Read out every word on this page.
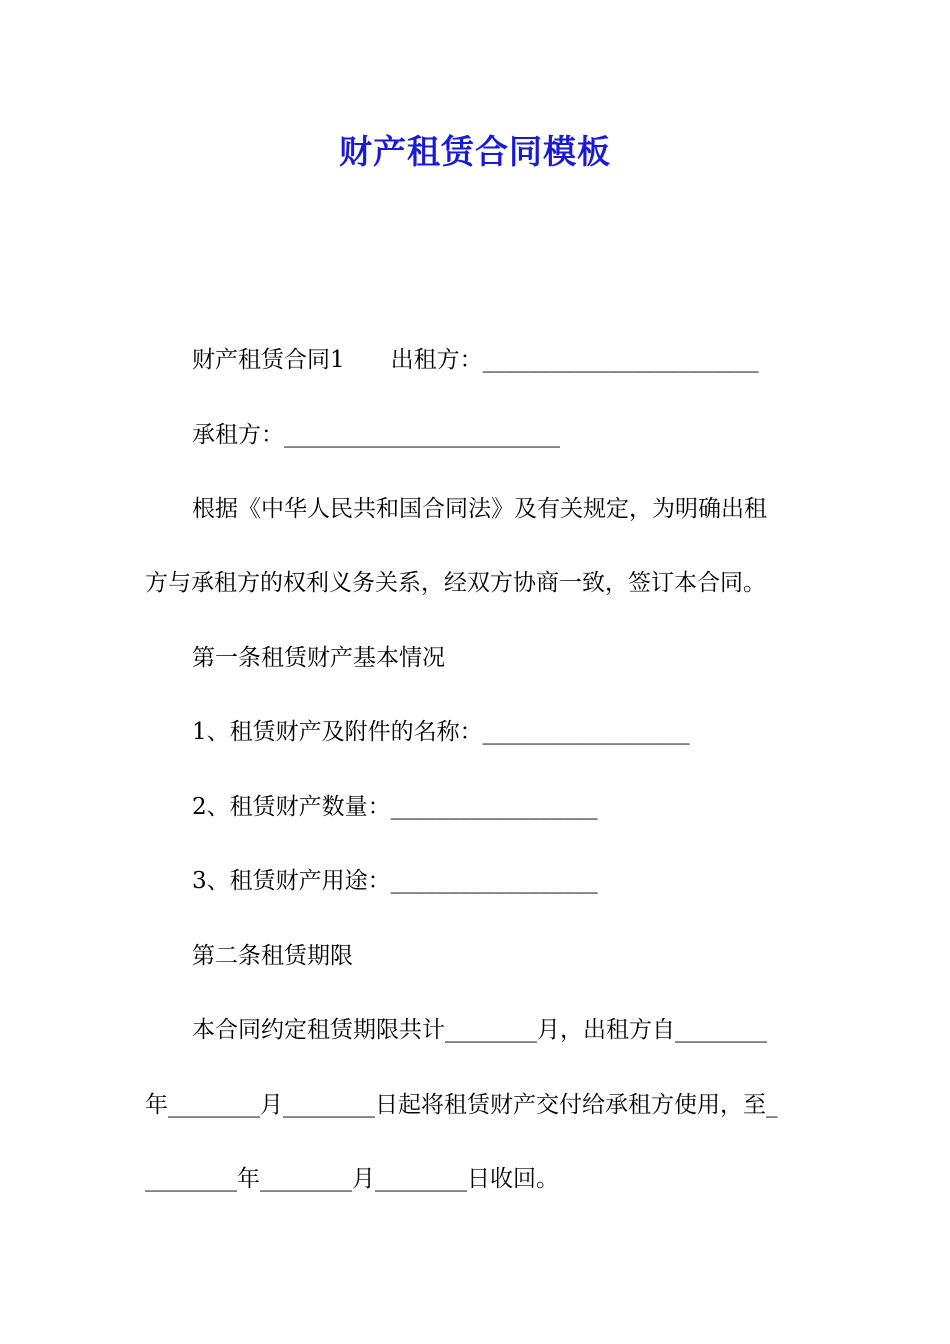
财产租赁合同模板
财产租赁合同1　　出租方：________________________
承租方：________________________
根据《中华人民共和国合同法》及有关规定，为明确出租
方与承租方的权利义务关系，经双方协商一致，签订本合同。
第一条租赁财产基本情况
1、租赁财产及附件的名称：__________________
2、租赁财产数量：__________________
3、租赁财产用途：__________________
第二条租赁期限
本合同约定租赁期限共计________月，出租方自________
年________月________日起将租赁财产交付给承租方使用，至_
________年________月________日收回。
